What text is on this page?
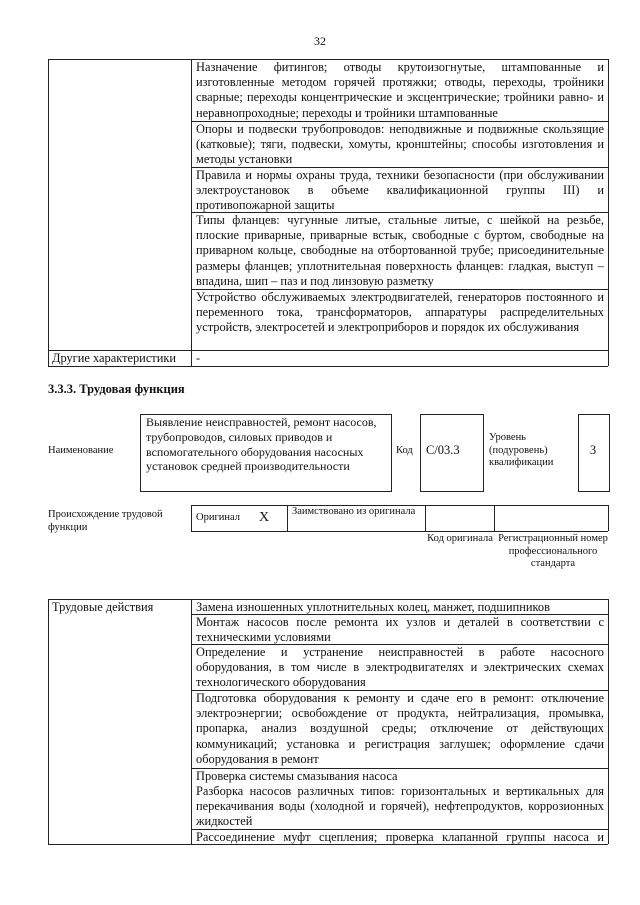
32
Назначение фитингов; отводы крутоизогнутые, штампованные и изготовленные методом горячей протяжки; отводы, переходы, тройники сварные; переходы концентрические и эксцентрические; тройники равно- и неравнопроходные; переходы и тройники штампованные
Опоры и подвески трубопроводов: неподвижные и подвижные скользящие (катковые); тяги, подвески, хомуты, кронштейны; способы изготовления и методы установки
Правила и нормы охраны труда, техники безопасности (при обслуживании электроустановок в объеме квалификационной группы III) и противопожарной защиты
Типы фланцев: чугунные литые, стальные литые, с шейкой на резьбе, плоские приварные, приварные встык, свободные с буртом, свободные на приварном кольце, свободные на отбортованной трубе; присоединительные размеры фланцев; уплотнительная поверхность фланцев: гладкая, выступ – впадина, шип – паз и под линзовую разметку
Устройство обслуживаемых электродвигателей, генераторов постоянного и переменного тока, трансформаторов, аппаратуры распределительных устройств, электросетей и электроприборов и порядок их обслуживания
Другие характеристики	-
3.3.3. Трудовая функция
Наименование
Выявление неисправностей, ремонт насосов, трубопроводов, силовых приводов и вспомогательного оборудования насосных установок средней производительности
Код С/03.3
Уровень (подуровень) квалификации
3
Происхождение трудовой функции
Оригинал X Заимствовано из оригинала
Код оригинала Регистрационный номер профессионального стандарта
Трудовые действия	Замена изношенных уплотнительных колец, манжет, подшипников
Монтаж насосов после ремонта их узлов и деталей в соответствии с техническими условиями
Определение и устранение неисправностей в работе насосного оборудования, в том числе в электродвигателях и электрических схемах технологического оборудования
Подготовка оборудования к ремонту и сдаче его в ремонт: отключение электроэнергии; освобождение от продукта, нейтрализация, промывка, пропарка, анализ воздушной среды; отключение от действующих коммуникаций; установка и регистрация заглушек; оформление сдачи оборудования в ремонт
Проверка системы смазывания насоса
Разборка насосов различных типов: горизонтальных и вертикальных для перекачивания воды (холодной и горячей), нефтепродуктов, коррозионных жидкостей
Рассоединение муфт сцепления; проверка клапанной группы насоса и
